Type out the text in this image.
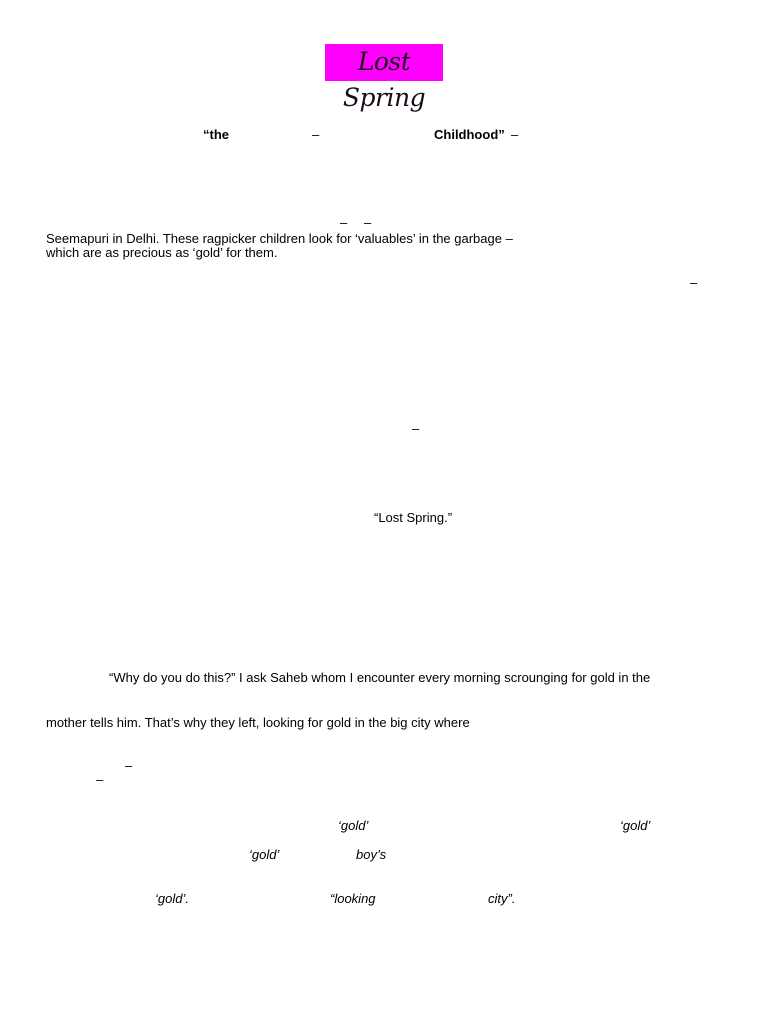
Lost Spring
“the	–	Childhood” –
– –
Seemapuri in Delhi. These ragpicker children look for ‘valuables’ in the garbage –
which are as precious as ‘gold’ for them.
–
–
“Lost Spring.”
“Why do you do this?” I ask Saheb whom I encounter every morning scrounging for gold in the
mother tells him. That’s why they left, looking for gold in the big city where
–
–
‘gold’	‘gold’
‘gold’	boy’s
‘gold’.	“looking	city”.
